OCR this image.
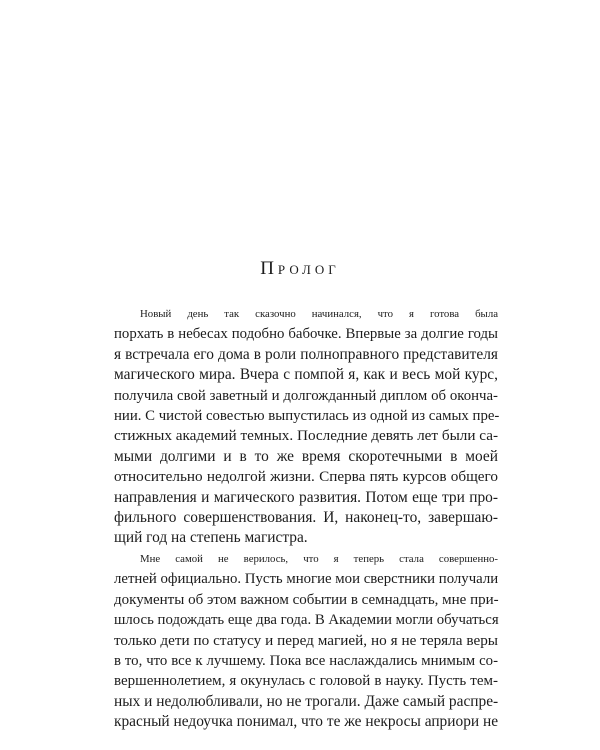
Пролог

Новый день так сказочно начинался, что я готова была
порхать в небесах подобно бабочке. Впервые за долгие годы
я встречала его дома в роли полноправного представителя
магического мира. Вчера с помпой я, как и весь мой курс,
получила свой заветный и долгожданный диплом об оконча-
нии. С чистой совестью выпустилась из одной из самых пре-
стижных академий темных. Последние девять лет были са-
мыми долгими и в то же время скоротечными в моей
относительно недолгой жизни. Сперва пять курсов общего
направления и магического развития. Потом еще три про-
фильного совершенствования. И, наконец-то, завершаю-
щий год на степень магистра.

Мне самой не верилось, что я теперь стала совершенно-
летней официально. Пусть многие мои сверстники получали
документы об этом важном событии в семнадцать, мне при-
шлось подождать еще два года. В Академии могли обучаться
только дети по статусу и перед магией, но я не теряла веры
в то, что все к лучшему. Пока все наслаждались мнимым со-
вершеннолетием, я окунулась с головой в науку. Пусть тем-
ных и недолюбливали, но не трогали. Даже самый распре-
красный недоучка понимал, что те же некросы априори не
